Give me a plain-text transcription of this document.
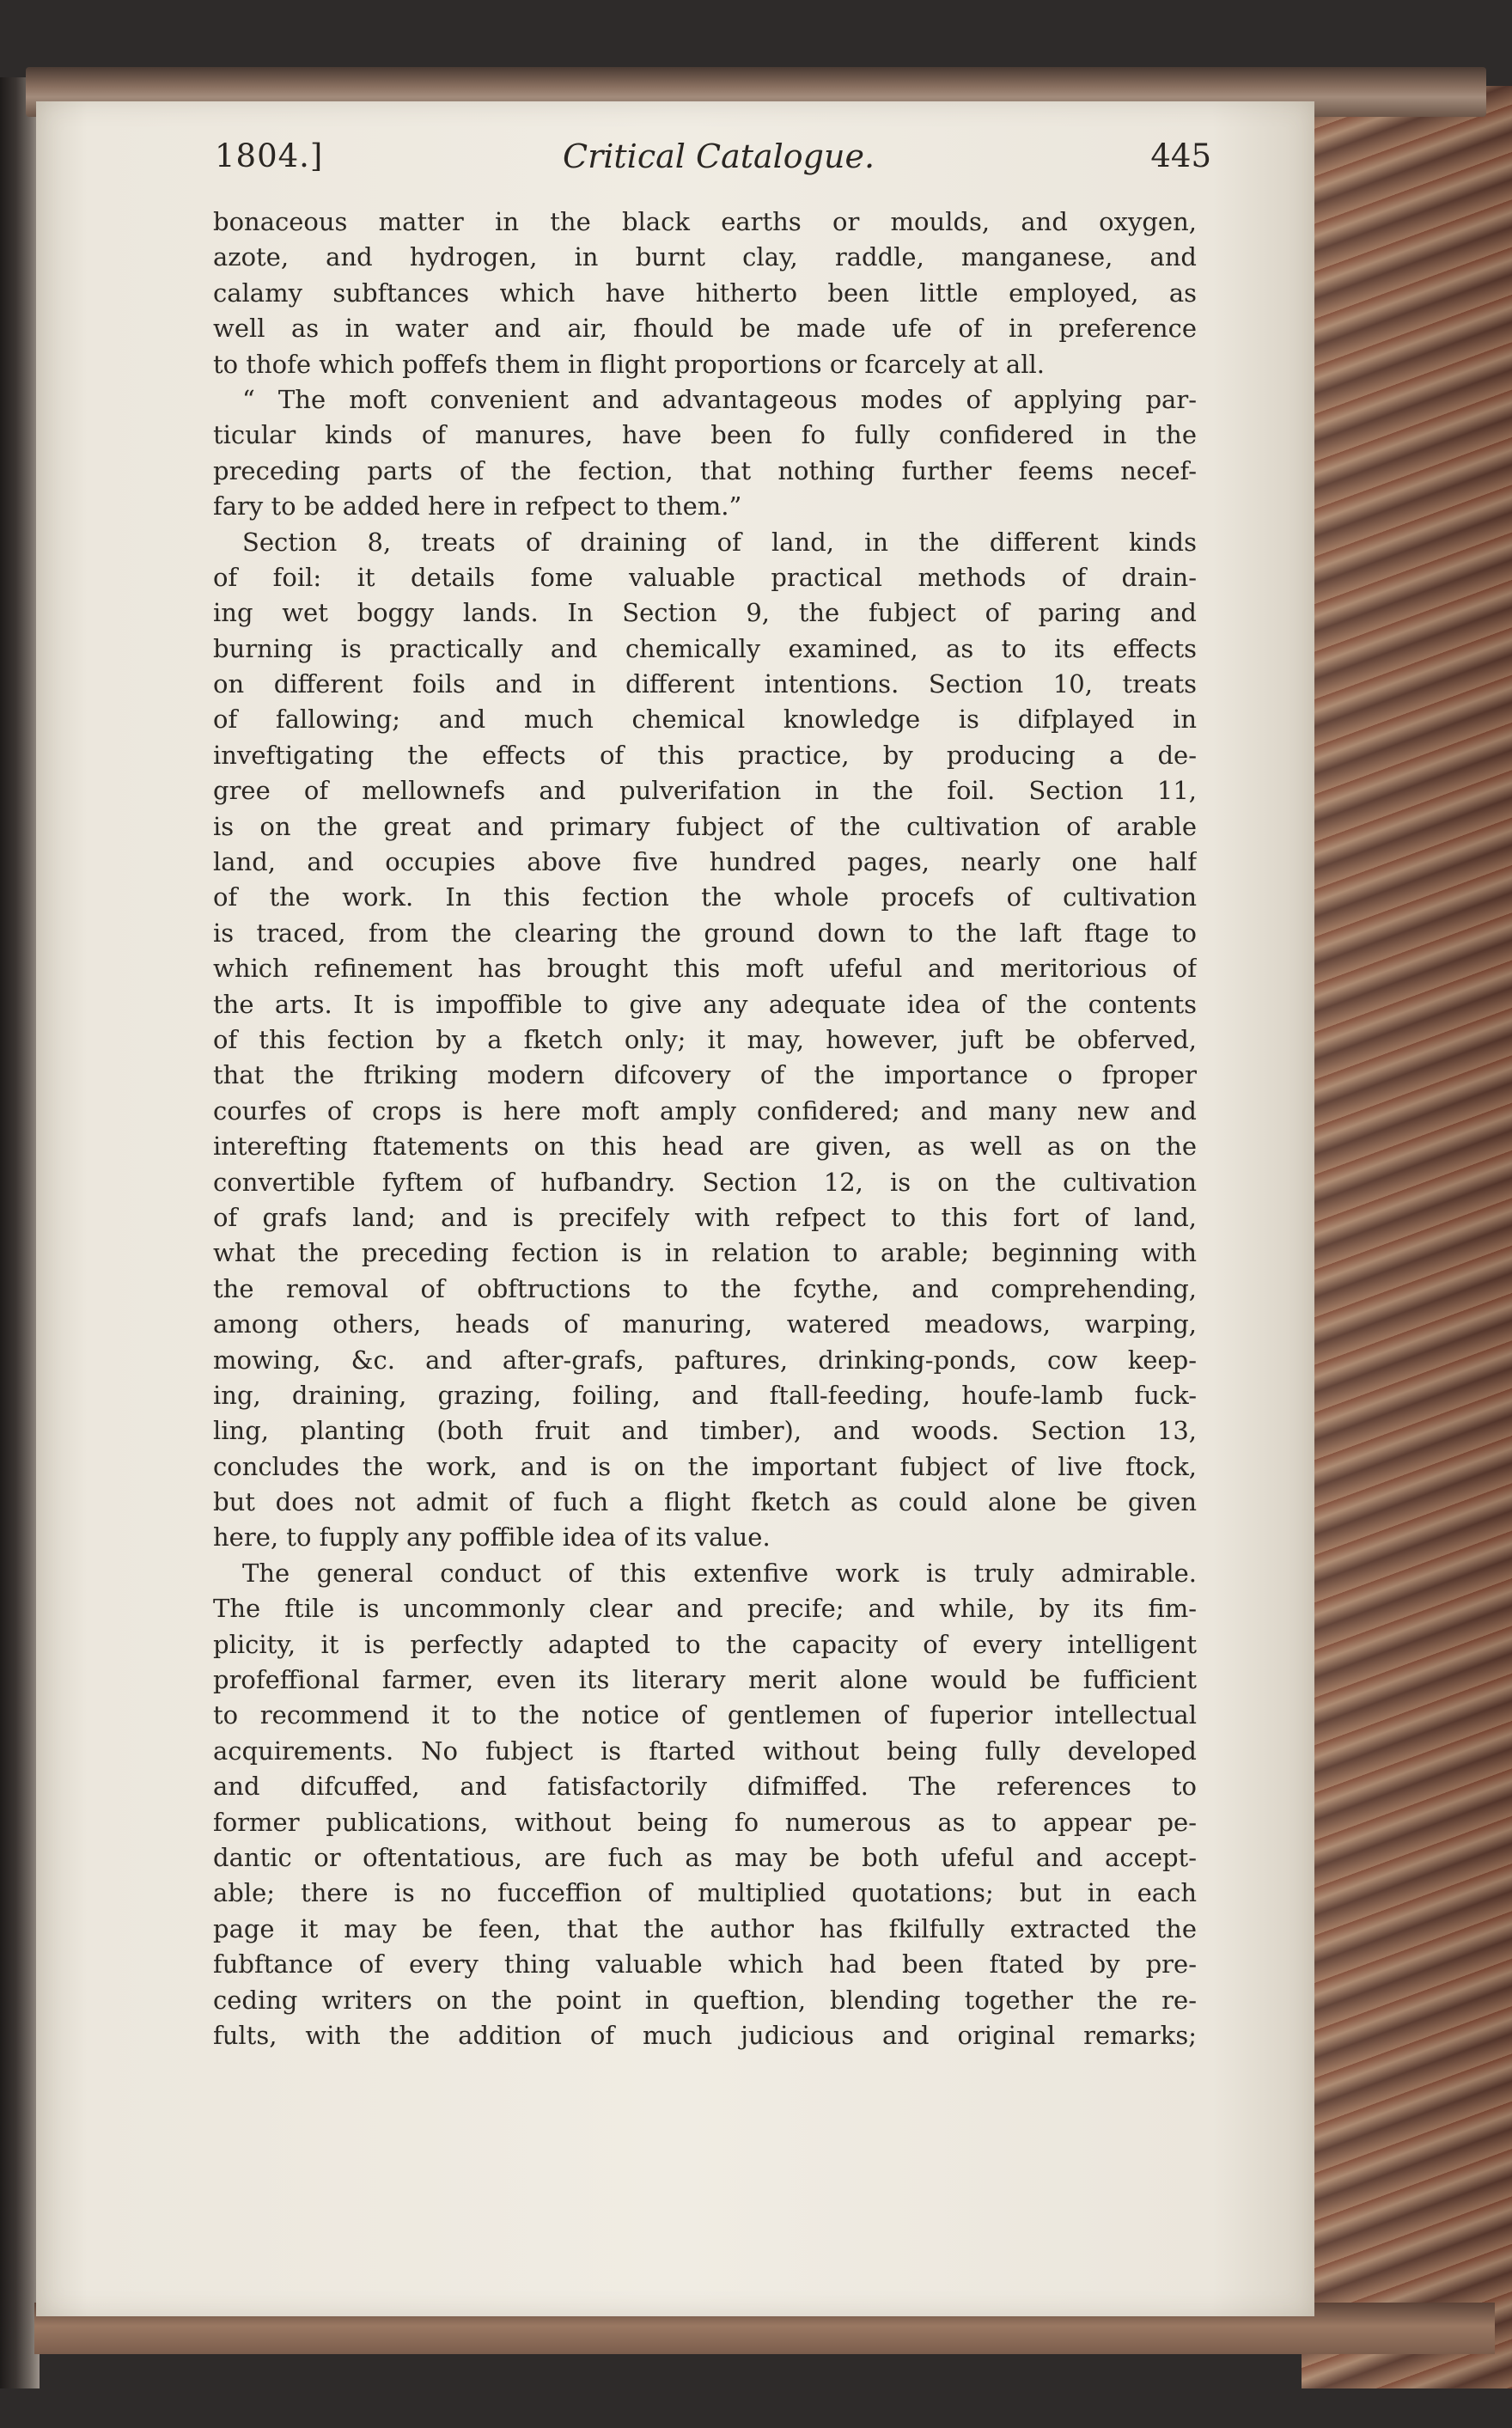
1804.]	Critical Catalogue.	445
bonaceous matter in the black earths or moulds, and oxygen,
azote, and hydrogen, in burnt clay, raddle, manganese, and
calamy subftances which have hitherto been little employed, as
well as in water and air, fhould be made ufe of in preference
to thofe which poffefs them in flight proportions or fcarcely at all.
“ The moft convenient and advantageous modes of applying par-
ticular kinds of manures, have been fo fully confidered in the
preceding parts of the fection, that nothing further feems necef-
fary to be added here in refpect to them.”
Section 8, treats of draining of land, in the different kinds
of foil: it details fome valuable practical methods of drain-
ing wet boggy lands. In Section 9, the fubject of paring and
burning is practically and chemically examined, as to its effects
on different foils and in different intentions. Section 10, treats
of fallowing; and much chemical knowledge is difplayed in
inveftigating the effects of this practice, by producing a de-
gree of mellownefs and pulverifation in the foil. Section 11,
is on the great and primary fubject of the cultivation of arable
land, and occupies above five hundred pages, nearly one half
of the work. In this fection the whole procefs of cultivation
is traced, from the clearing the ground down to the laft ftage to
which refinement has brought this moft ufeful and meritorious of
the arts. It is impoffible to give any adequate idea of the contents
of this fection by a fketch only; it may, however, juft be obferved,
that the ftriking modern difcovery of the importance o fproper
courfes of crops is here moft amply confidered; and many new and
interefting ftatements on this head are given, as well as on the
convertible fyftem of hufbandry. Section 12, is on the cultivation
of grafs land; and is precifely with refpect to this fort of land,
what the preceding fection is in relation to arable; beginning with
the removal of obftructions to the fcythe, and comprehending,
among others, heads of manuring, watered meadows, warping,
mowing, &c. and after-grafs, paftures, drinking-ponds, cow keep-
ing, draining, grazing, foiling, and ftall-feeding, houfe-lamb fuck-
ling, planting (both fruit and timber), and woods. Section 13,
concludes the work, and is on the important fubject of live ftock,
but does not admit of fuch a flight fketch as could alone be given
here, to fupply any poffible idea of its value.
The general conduct of this extenfive work is truly admirable.
The ftile is uncommonly clear and precife; and while, by its fim-
plicity, it is perfectly adapted to the capacity of every intelligent
profeffional farmer, even its literary merit alone would be fufficient
to recommend it to the notice of gentlemen of fuperior intellectual
acquirements. No fubject is ftarted without being fully developed
and difcuffed, and fatisfactorily difmiffed. The references to
former publications, without being fo numerous as to appear pe-
dantic or oftentatious, are fuch as may be both ufeful and accept-
able; there is no fucceffion of multiplied quotations; but in each
page it may be feen, that the author has fkilfully extracted the
fubftance of every thing valuable which had been ftated by pre-
ceding writers on the point in queftion, blending together the re-
fults, with the addition of much judicious and original remarks;
